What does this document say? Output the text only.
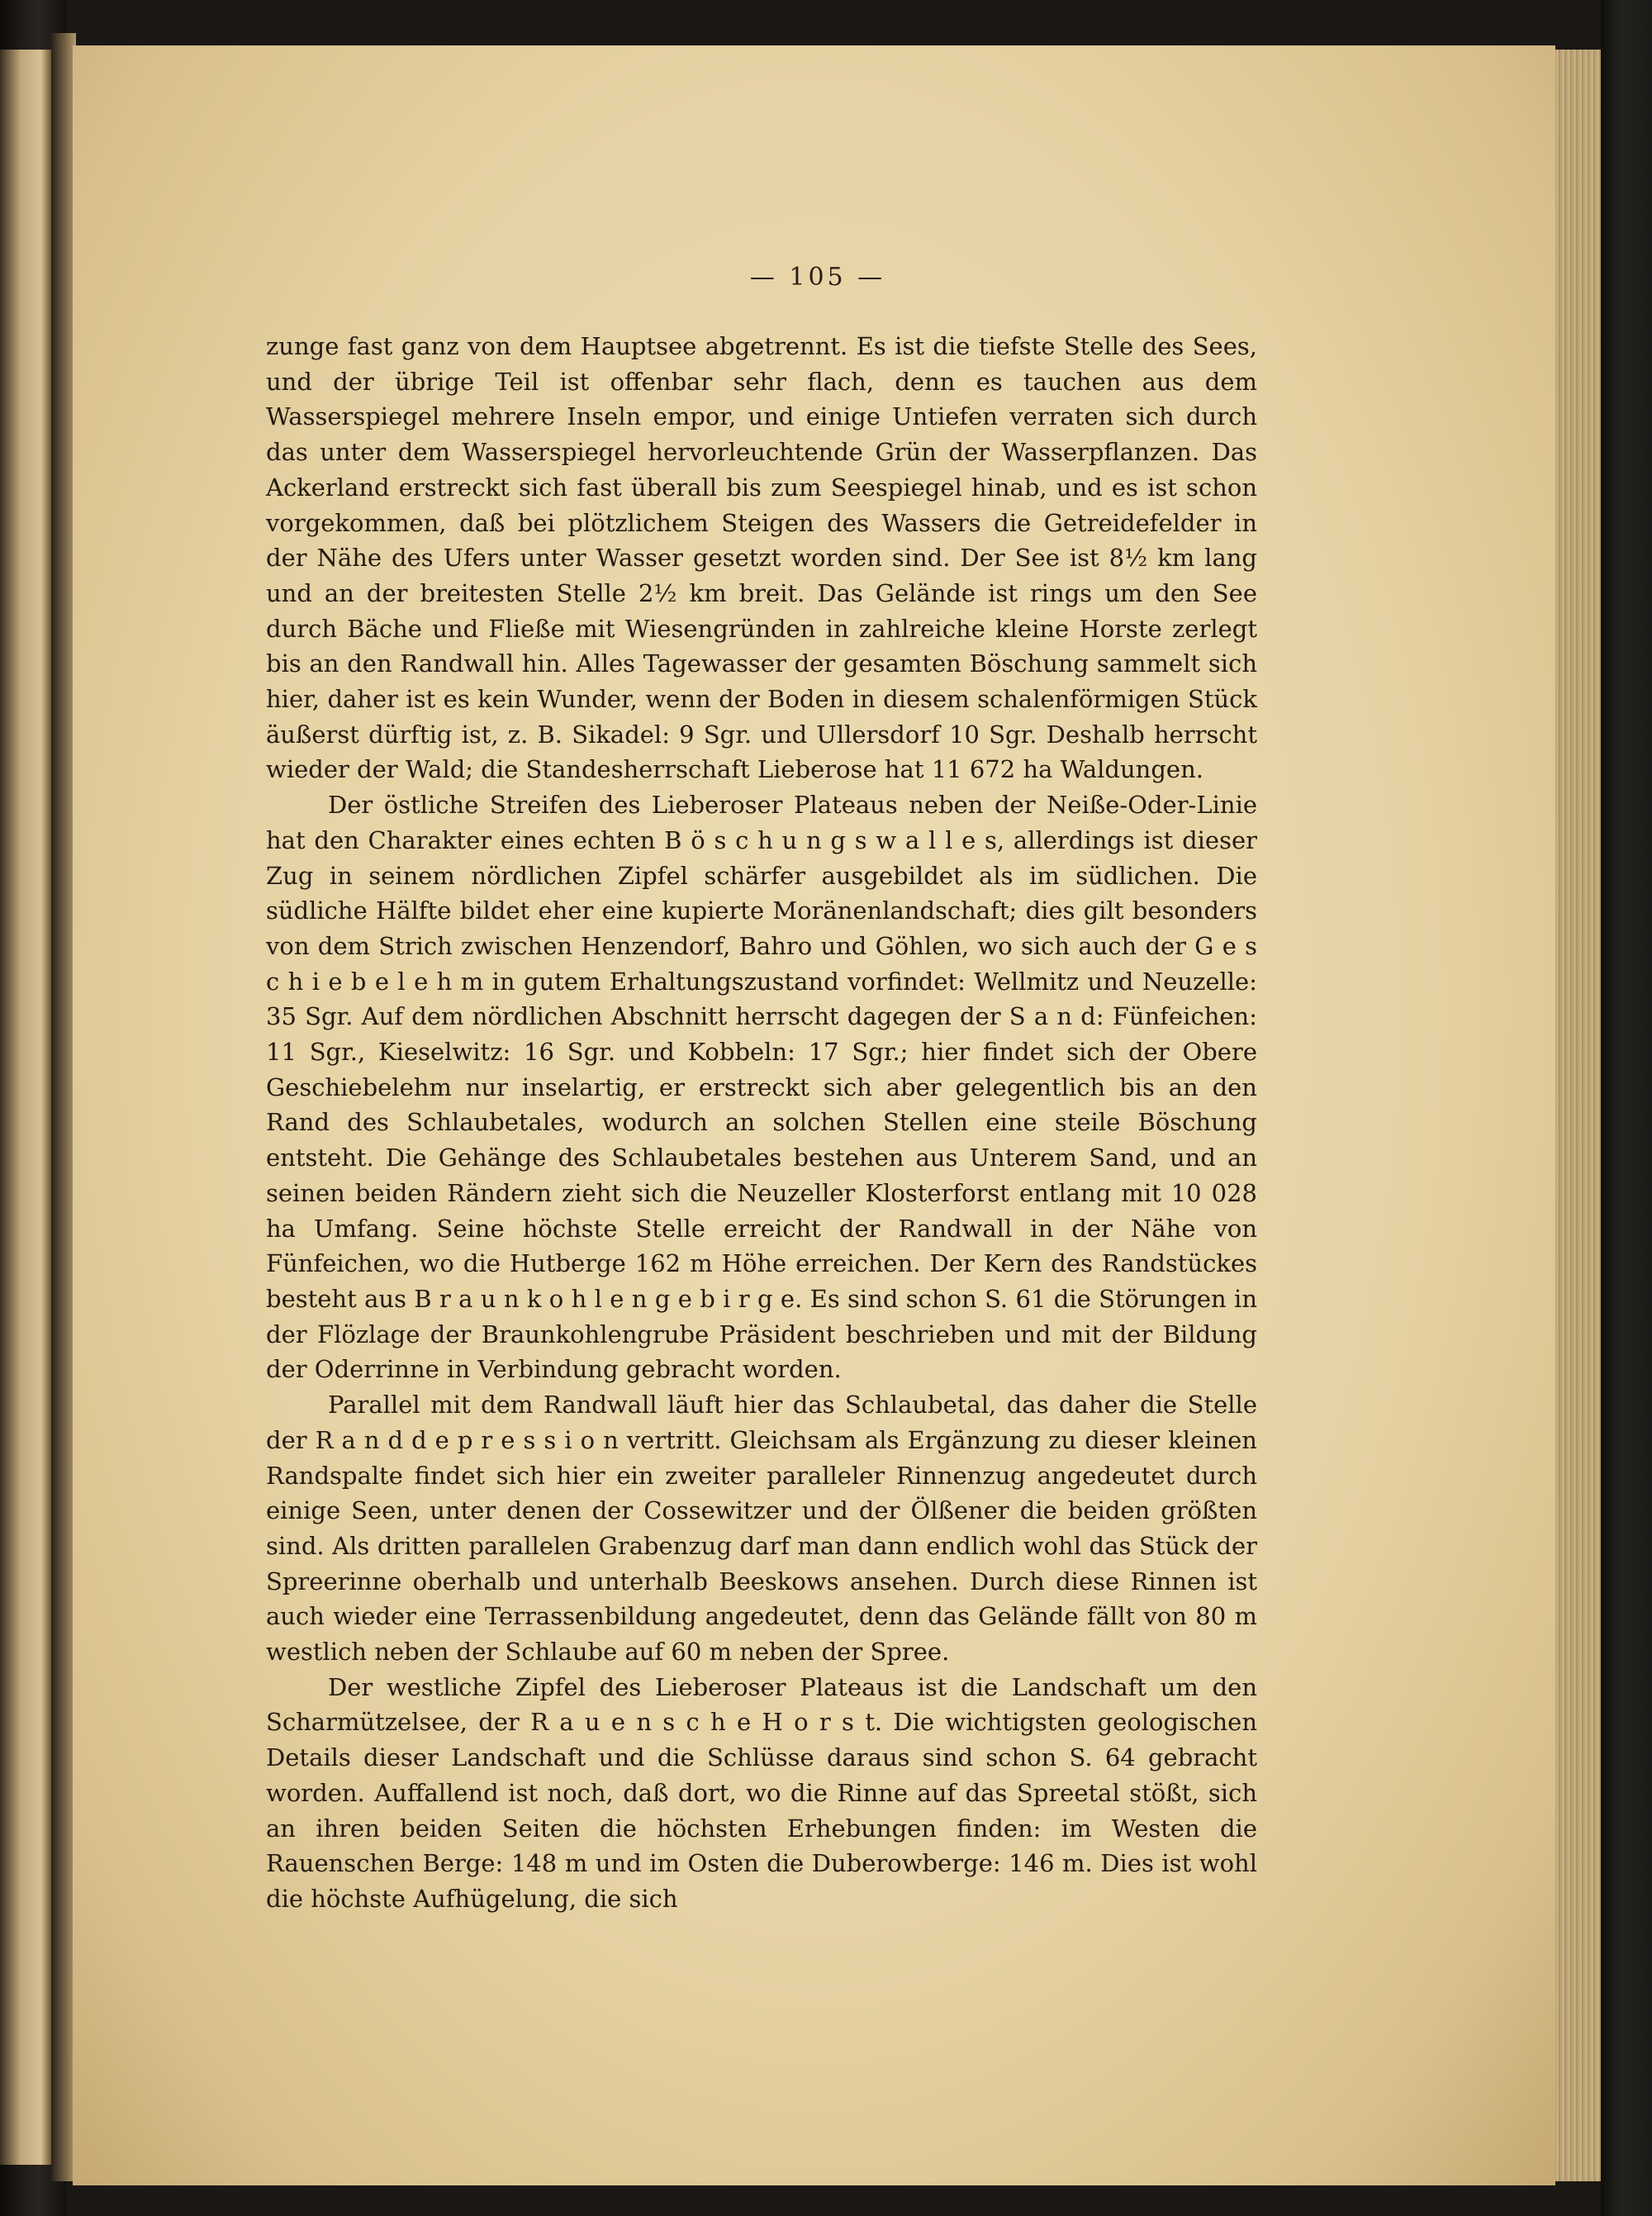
— 105 —

zunge fast ganz von dem Hauptsee abgetrennt. Es ist die tiefste Stelle des Sees, und der übrige Teil ist offenbar sehr flach, denn es tauchen aus dem Wasserspiegel mehrere Inseln empor, und einige Untiefen verraten sich durch das unter dem Wasserspiegel hervorleuchtende Grün der Wasserpflanzen. Das Ackerland erstreckt sich fast überall bis zum Seespiegel hinab, und es ist schon vorgekommen, daß bei plötzlichem Steigen des Wassers die Getreidefelder in der Nähe des Ufers unter Wasser gesetzt worden sind. Der See ist 8½ km lang und an der breitesten Stelle 2½ km breit. Das Gelände ist rings um den See durch Bäche und Fließe mit Wiesengründen in zahlreiche kleine Horste zerlegt bis an den Randwall hin. Alles Tagewasser der gesamten Böschung sammelt sich hier, daher ist es kein Wunder, wenn der Boden in diesem schalenförmigen Stück äußerst dürftig ist, z. B. Sikadel: 9 Sgr. und Ullersdorf 10 Sgr. Deshalb herrscht wieder der Wald; die Standesherrschaft Lieberose hat 11 672 ha Waldungen.

Der östliche Streifen des Lieberoser Plateaus neben der Neiße-Oder-Linie hat den Charakter eines echten B ö s c h u n g s w a l l e s, allerdings ist dieser Zug in seinem nördlichen Zipfel schärfer ausgebildet als im südlichen. Die südliche Hälfte bildet eher eine kupierte Moränenlandschaft; dies gilt besonders von dem Strich zwischen Henzendorf, Bahro und Göhlen, wo sich auch der G e s c h i e b e l e h m in gutem Erhaltungszustand vorfindet: Wellmitz und Neuzelle: 35 Sgr. Auf dem nördlichen Abschnitt herrscht dagegen der S a n d: Fünfeichen: 11 Sgr., Kieselwitz: 16 Sgr. und Kobbeln: 17 Sgr.; hier findet sich der Obere Geschiebelehm nur inselartig, er erstreckt sich aber gelegentlich bis an den Rand des Schlaubetales, wodurch an solchen Stellen eine steile Böschung entsteht. Die Gehänge des Schlaubetales bestehen aus Unterem Sand, und an seinen beiden Rändern zieht sich die Neuzeller Klosterforst entlang mit 10 028 ha Umfang. Seine höchste Stelle erreicht der Randwall in der Nähe von Fünfeichen, wo die Hutberge 162 m Höhe erreichen. Der Kern des Randstückes besteht aus B r a u n k o h l e n g e b i r g e. Es sind schon S. 61 die Störungen in der Flözlage der Braunkohlengrube Präsident beschrieben und mit der Bildung der Oderrinne in Verbindung gebracht worden.

Parallel mit dem Randwall läuft hier das Schlaubetal, das daher die Stelle der R a n d d e p r e s s i o n vertritt. Gleichsam als Ergänzung zu dieser kleinen Randspalte findet sich hier ein zweiter paralleler Rinnenzug angedeutet durch einige Seen, unter denen der Cossewitzer und der Ölßener die beiden größten sind. Als dritten parallelen Grabenzug darf man dann endlich wohl das Stück der Spreerinne oberhalb und unterhalb Beeskows ansehen. Durch diese Rinnen ist auch wieder eine Terrassenbildung angedeutet, denn das Gelände fällt von 80 m westlich neben der Schlaube auf 60 m neben der Spree.

Der westliche Zipfel des Lieberoser Plateaus ist die Landschaft um den Scharmützelsee, der R a u e n s c h e H o r s t. Die wichtigsten geologischen Details dieser Landschaft und die Schlüsse daraus sind schon S. 64 gebracht worden. Auffallend ist noch, daß dort, wo die Rinne auf das Spreetal stößt, sich an ihren beiden Seiten die höchsten Erhebungen finden: im Westen die Rauenschen Berge: 148 m und im Osten die Duberowberge: 146 m. Dies ist wohl die höchste Aufhügelung, die sich
